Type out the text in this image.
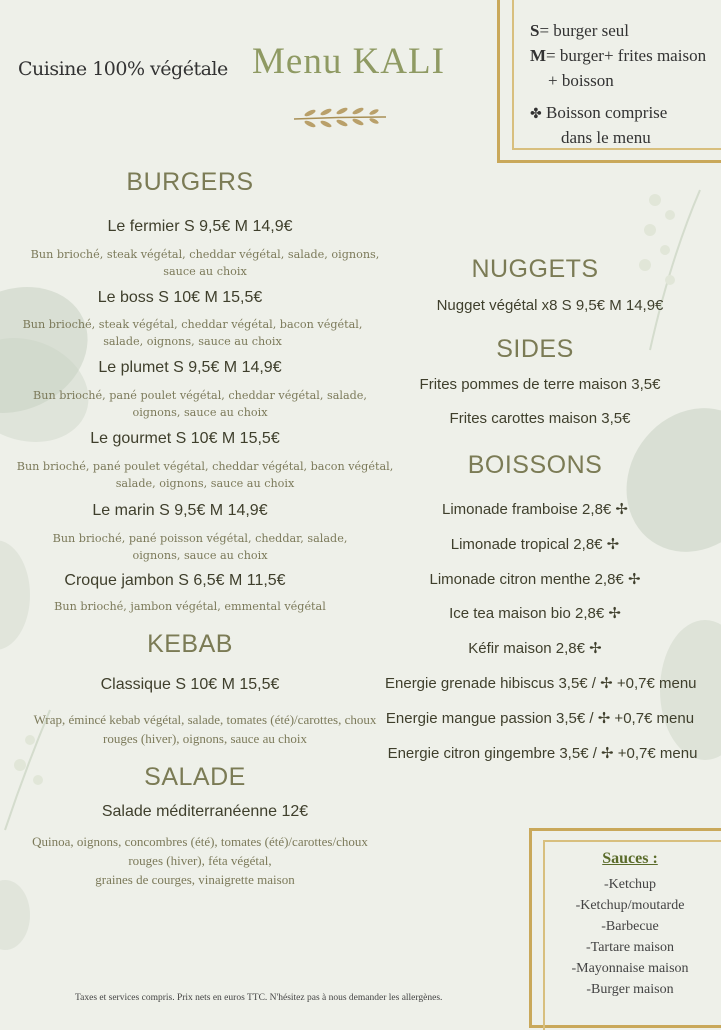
Cuisine 100% végétale Menu KALI
S= burger seul
M= burger+ frites maison
+ boisson
✤ Boisson comprise
dans le menu
BURGERS
Le fermier S 9,5€ M 14,9€
Bun brioché, steak végétal, cheddar végétal, salade, oignons, sauce au choix
Le boss S 10€ M 15,5€
Bun brioché, steak végétal, cheddar végétal, bacon végétal, salade, oignons, sauce au choix
Le plumet S 9,5€ M 14,9€
Bun brioché, pané poulet végétal, cheddar végétal, salade, oignons, sauce au choix
Le gourmet S 10€ M 15,5€
Bun brioché, pané poulet végétal, cheddar végétal, bacon végétal, salade, oignons, sauce au choix
Le marin S 9,5€ M 14,9€
Bun brioché, pané poisson végétal, cheddar, salade, oignons, sauce au choix
Croque jambon S 6,5€ M 11,5€
Bun brioché, jambon végétal, emmental végétal
KEBAB
Classique S 10€ M 15,5€
Wrap, émincé kebab végétal, salade, tomates (été)/carottes, choux rouges (hiver), oignons, sauce au choix
SALADE
Salade méditerranéenne 12€
Quinoa, oignons, concombres (été), tomates (été)/carottes/choux
rouges (hiver), féta végétal,
graines de courges, vinaigrette maison
NUGGETS
Nugget végétal x8 S 9,5€ M 14,9€
SIDES
Frites pommes de terre maison 3,5€
Frites carottes maison 3,5€
BOISSONS
Limonade framboise 2,8€ ✢
Limonade tropical 2,8€ ✢
Limonade citron menthe 2,8€ ✢
Ice tea maison bio 2,8€ ✢
Kéfir maison 2,8€ ✢
Energie grenade hibiscus 3,5€ / ✢ +0,7€ menu
Energie mangue passion 3,5€ / ✢ +0,7€ menu
Energie citron gingembre 3,5€ / ✢ +0,7€ menu
Sauces :
-Ketchup
-Ketchup/moutarde
-Barbecue
-Tartare maison
-Mayonnaise maison
-Burger maison
Taxes et services compris. Prix nets en euros TTC. N'hésitez pas à nous demander les allergènes.
